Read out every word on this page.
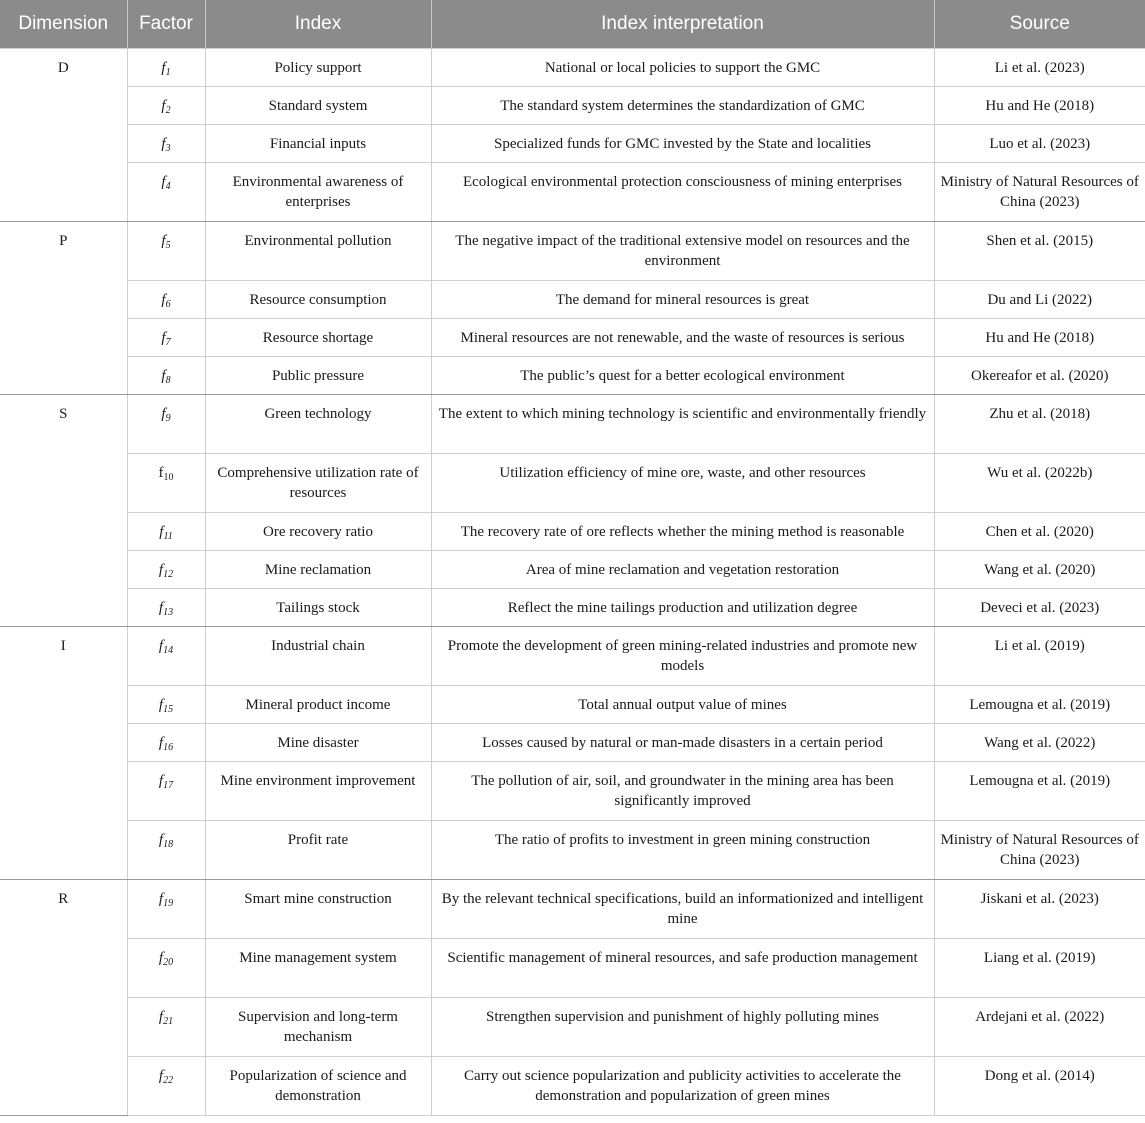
Dimension	Factor	Index	Index interpretation	Source
D	$f_1$	Policy support	National or local policies to support the GMC	Li et al. (2023)
	$f_2$	Standard system	The standard system determines the standardization of GMC	Hu and He (2018)
	$f_3$	Financial inputs	Specialized funds for GMC invested by the State and localities	Luo et al. (2023)
	$f_4$	Environmental awareness of enterprises	Ecological environmental protection consciousness of mining enterprises	Ministry of Natural Resources of China (2023)
P	$f_5$	Environmental pollution	The negative impact of the traditional extensive model on resources and the environment	Shen et al. (2015)
	$f_6$	Resource consumption	The demand for mineral resources is great	Du and Li (2022)
	$f_7$	Resource shortage	Mineral resources are not renewable, and the waste of resources is serious	Hu and He (2018)
	$f_8$	Public pressure	The public’s quest for a better ecological environment	Okereafor et al. (2020)
S	$f_9$	Green technology	The extent to which mining technology is scientific and environmentally friendly	Zhu et al. (2018)
	$f_{10}$	Comprehensive utilization rate of resources	Utilization efficiency of mine ore, waste, and other resources	Wu et al. (2022b)
	$f_{11}$	Ore recovery ratio	The recovery rate of ore reflects whether the mining method is reasonable	Chen et al. (2020)
	$f_{12}$	Mine reclamation	Area of mine reclamation and vegetation restoration	Wang et al. (2020)
	$f_{13}$	Tailings stock	Reflect the mine tailings production and utilization degree	Deveci et al. (2023)
I	$f_{14}$	Industrial chain	Promote the development of green mining-related industries and promote new models	Li et al. (2019)
	$f_{15}$	Mineral product income	Total annual output value of mines	Lemougna et al. (2019)
	$f_{16}$	Mine disaster	Losses caused by natural or man-made disasters in a certain period	Wang et al. (2022)
	$f_{17}$	Mine environment improvement	The pollution of air, soil, and groundwater in the mining area has been significantly improved	Lemougna et al. (2019)
	$f_{18}$	Profit rate	The ratio of profits to investment in green mining construction	Ministry of Natural Resources of China (2023)
R	$f_{19}$	Smart mine construction	By the relevant technical specifications, build an informationized and intelligent mine	Jiskani et al. (2023)
	$f_{20}$	Mine management system	Scientific management of mineral resources, and safe production management	Liang et al. (2019)
	$f_{21}$	Supervision and long-term mechanism	Strengthen supervision and punishment of highly polluting mines	Ardejani et al. (2022)
	$f_{22}$	Popularization of science and demonstration	Carry out science popularization and publicity activities to accelerate the demonstration and popularization of green mines	Dong et al. (2014)
